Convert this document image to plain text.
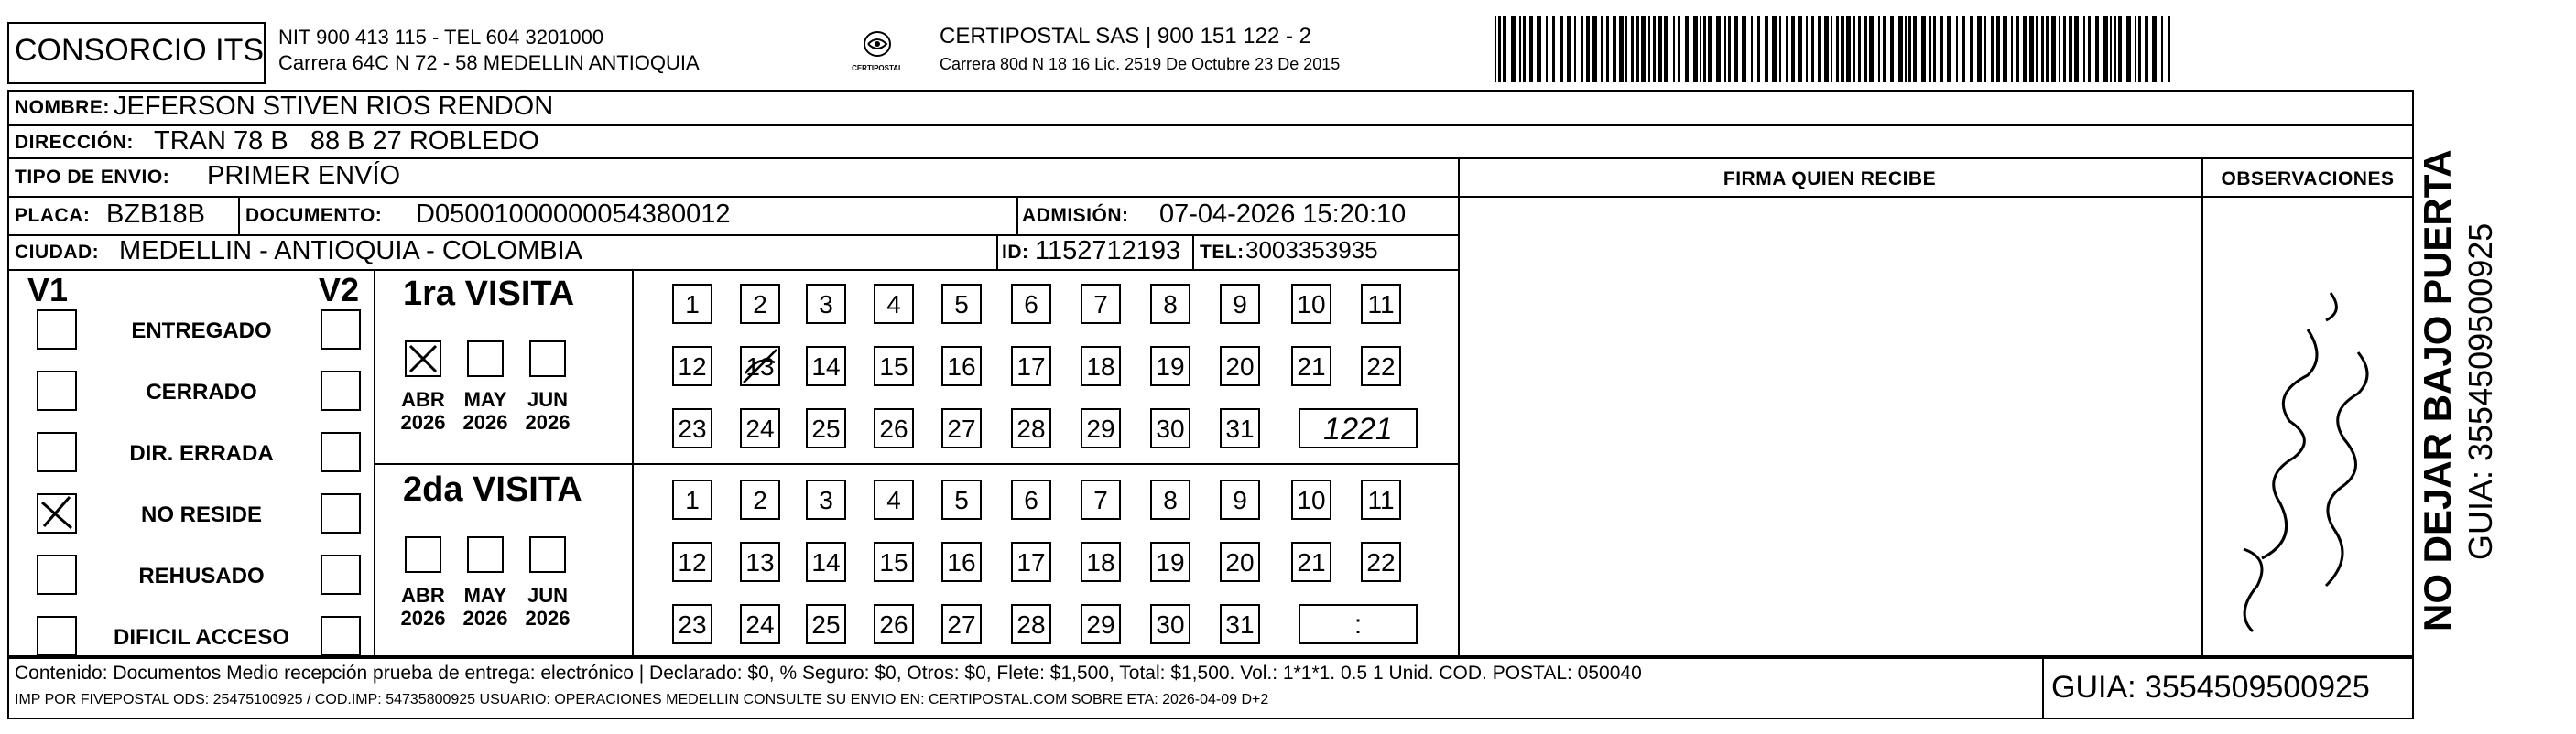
CONSORCIO ITS NIT 900 413 115 - TEL 604 3201000
Carrera 64C N 72 - 58 MEDELLIN ANTIOQUIA	CERTIPOSTAL
CERTIPOSTAL SAS | 900 151 122 - 2
Carrera 80d N 18 16 Lic. 2519 De Octubre 23 De 2015
NOMBRE: JEFERSON STIVEN RIOS RENDON
DIRECCIÓN: TRAN 78 B   88 B 27 ROBLEDO
TIPO DE ENVIO: PRIMER ENVÍO	FIRMA QUIEN RECIBE	OBSERVACIONES
PLACA: BZB18B DOCUMENTO: D05001000000054380012	ADMISIÓN: 07-04-2026 15:20:10
CIUDAD: MEDELLIN - ANTIOQUIA - COLOMBIA	ID: 1152712193 TEL: 3003353935
V1	V2
ENTREGADO
CERRADO
DIR. ERRADA
NO RESIDE
REHUSADO
DIFICIL ACCESO
1ra VISITA
ABR
2026
MAY
2026
JUN
2026
1	2	3	4	5	6	7	8	9	10 11
12 13 14 15 16 17 18 19 20 21 22
23 24 25 26 27 28 29 30 31	1221
2da VISITA
ABR
2026
MAY
2026
JUN
2026
1	2	3	4	5	6	7	8	9	10 11
12 13 14 15 16 17 18 19 20 21 22
23 24 25 26 27 28 29 30 31	:	NO DEJAR BAJO PUERTA GUIA: 3554509500925
Contenido: Documentos Medio recepción prueba de entrega: electrónico | Declarado: $0, % Seguro: $0, Otros: $0, Flete: $1,500, Total: $1,500. Vol.: 1*1*1. 0.5 1 Unid. COD. POSTAL: 050040
IMP POR FIVEPOSTAL ODS: 25475100925 / COD.IMP: 54735800925 USUARIO: OPERACIONES MEDELLIN CONSULTE SU ENVIO EN: CERTIPOSTAL.COM SOBRE ETA: 2026-04-09 D+2	GUIA: 3554509500925
